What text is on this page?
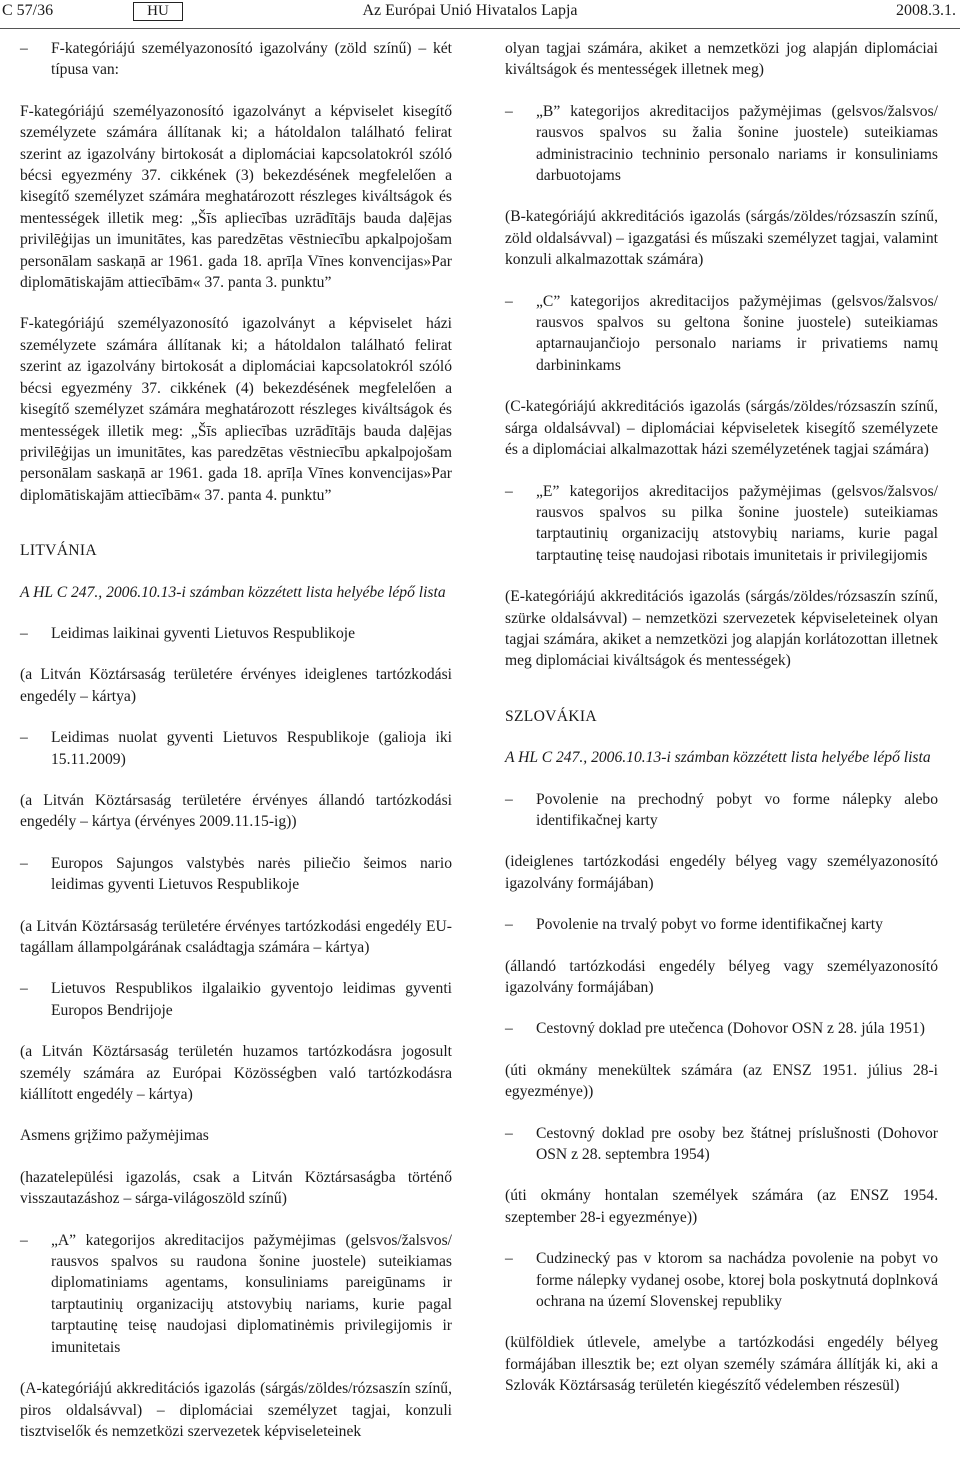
C 57/36	HU	Az Európai Unió Hivatalos Lapja	2008.3.1.

– F-kategóriájú személyazonosító igazolvány (zöld színű) – két típusa van:

F-kategóriájú személyazonosító igazolványt a képviselet kisegítő személyzete számára állítanak ki; a hátoldalon található felirat szerint az igazolvány birtokosát a diplomáciai kapcsolatokról szóló bécsi egyezmény 37. cikkének (3) bekezdésének megfelelően a kisegítő személyzet számára meghatározott részleges kiváltságok és mentességek illetik meg: „Šīs apliecības uzrādītājs bauda daļējas privilēģijas un imunitātes, kas paredzētas vēstniecību apkalpojošam personālam saskaņā ar 1961. gada 18. aprīļa Vīnes konvencijas»Par diplomātiskajām attiecībām« 37. panta 3. punktu”

F-kategóriájú személyazonosító igazolványt a képviselet házi személyzete számára állítanak ki; a hátoldalon található felirat szerint az igazolvány birtokosát a diplomáciai kapcsolatokról szóló bécsi egyezmény 37. cikkének (4) bekezdésének megfelelően a kisegítő személyzet számára meghatározott részleges kiváltságok és mentességek illetik meg: „Šīs apliecības uzrādītājs bauda daļējas privilēģijas un imunitātes, kas paredzētas vēstniecību apkalpojošam personālam saskaņā ar 1961. gada 18. aprīļa Vīnes konvencijas»Par diplomātiskajām attiecībām« 37. panta 4. punktu”

LITVÁNIA

A HL C 247., 2006.10.13-i számban közzétett lista helyébe lépő lista

– Leidimas laikinai gyventi Lietuvos Respublikoje

(a Litván Köztársaság területére érvényes ideiglenes tartózkodási engedély – kártya)

– Leidimas nuolat gyventi Lietuvos Respublikoje (galioja iki 15.11.2009)

(a Litván Köztársaság területére érvényes állandó tartózkodási engedély – kártya (érvényes 2009.11.15-ig))

– Europos Sajungos valstybės narės piliečio šeimos nario leidimas gyventi Lietuvos Respublikoje

(a Litván Köztársaság területére érvényes tartózkodási engedély EU-tagállam állampolgárának családtagja számára – kártya)

– Lietuvos Respublikos ilgalaikio gyventojo leidimas gyventi Europos Bendrijoje

(a Litván Köztársaság területén huzamos tartózkodásra jogosult személy számára az Európai Közösségben való tartózkodásra kiállított engedély – kártya)

Asmens grįžimo pažymėjimas

(hazatelepülési igazolás, csak a Litván Köztársaságba történő visszautazáshoz – sárga-világoszöld színű)

– „A” kategorijos akreditacijos pažymėjimas (gelsvos/žalsvos/ rausvos spalvos su raudona šonine juostele) suteikiamas diplomatiniams agentams, konsuliniams pareigūnams ir tarptautinių organizacijų atstovybių nariams, kurie pagal tarptautinę teisę naudojasi diplomatinėmis privilegijomis ir imunitetais

(A-kategóriájú akkreditációs igazolás (sárgás/zöldes/rózsaszín színű, piros oldalsávval) – diplomáciai személyzet tagjai, konzuli tisztviselők és nemzetközi szervezetek képviseleteinek

olyan tagjai számára, akiket a nemzetközi jog alapján diplomáciai kiváltságok és mentességek illetnek meg)

– „B” kategorijos akreditacijos pažymėjimas (gelsvos/žalsvos/ rausvos spalvos su žalia šonine juostele) suteikiamas administracinio techninio personalo nariams ir konsuliniams darbuotojams

(B-kategóriájú akkreditációs igazolás (sárgás/zöldes/rózsaszín színű, zöld oldalsávval) – igazgatási és műszaki személyzet tagjai, valamint konzuli alkalmazottak számára)

– „C” kategorijos akreditacijos pažymėjimas (gelsvos/žalsvos/ rausvos spalvos su geltona šonine juostele) suteikiamas aptarnaujančiojo personalo nariams ir privatiems namų darbininkams

(C-kategóriájú akkreditációs igazolás (sárgás/zöldes/rózsaszín színű, sárga oldalsávval) – diplomáciai képviseletek kisegítő személyzete és a diplomáciai alkalmazottak házi személyzetének tagjai számára)

– „E” kategorijos akreditacijos pažymėjimas (gelsvos/žalsvos/ rausvos spalvos su pilka šonine juostele) suteikiamas tarptautinių organizacijų atstovybių nariams, kurie pagal tarptautinę teisę naudojasi ribotais imunitetais ir privilegijomis

(E-kategóriájú akkreditációs igazolás (sárgás/zöldes/rózsaszín színű, szürke oldalsávval) – nemzetközi szervezetek képviseleteinek olyan tagjai számára, akiket a nemzetközi jog alapján korlátozottan illetnek meg diplomáciai kiváltságok és mentességek)

SZLOVÁKIA

A HL C 247., 2006.10.13-i számban közzétett lista helyébe lépő lista

– Povolenie na prechodný pobyt vo forme nálepky alebo identifikačnej karty

(ideiglenes tartózkodási engedély bélyeg vagy személyazonosító igazolvány formájában)

– Povolenie na trvalý pobyt vo forme identifikačnej karty

(állandó tartózkodási engedély bélyeg vagy személyazonosító igazolvány formájában)

– Cestovný doklad pre utečenca (Dohovor OSN z 28. júla 1951)

(úti okmány menekültek számára (az ENSZ 1951. július 28-i egyezménye))

– Cestovný doklad pre osoby bez štátnej príslušnosti (Dohovor OSN z 28. septembra 1954)

(úti okmány hontalan személyek számára (az ENSZ 1954. szeptember 28-i egyezménye))

– Cudzinecký pas v ktorom sa nachádza povolenie na pobyt vo forme nálepky vydanej osobe, ktorej bola poskytnutá doplnková ochrana na území Slovenskej republiky

(külföldiek útlevele, amelybe a tartózkodási engedély bélyeg formájában illesztik be; ezt olyan személy számára állítják ki, aki a Szlovák Köztársaság területén kiegészítő védelemben részesül)
